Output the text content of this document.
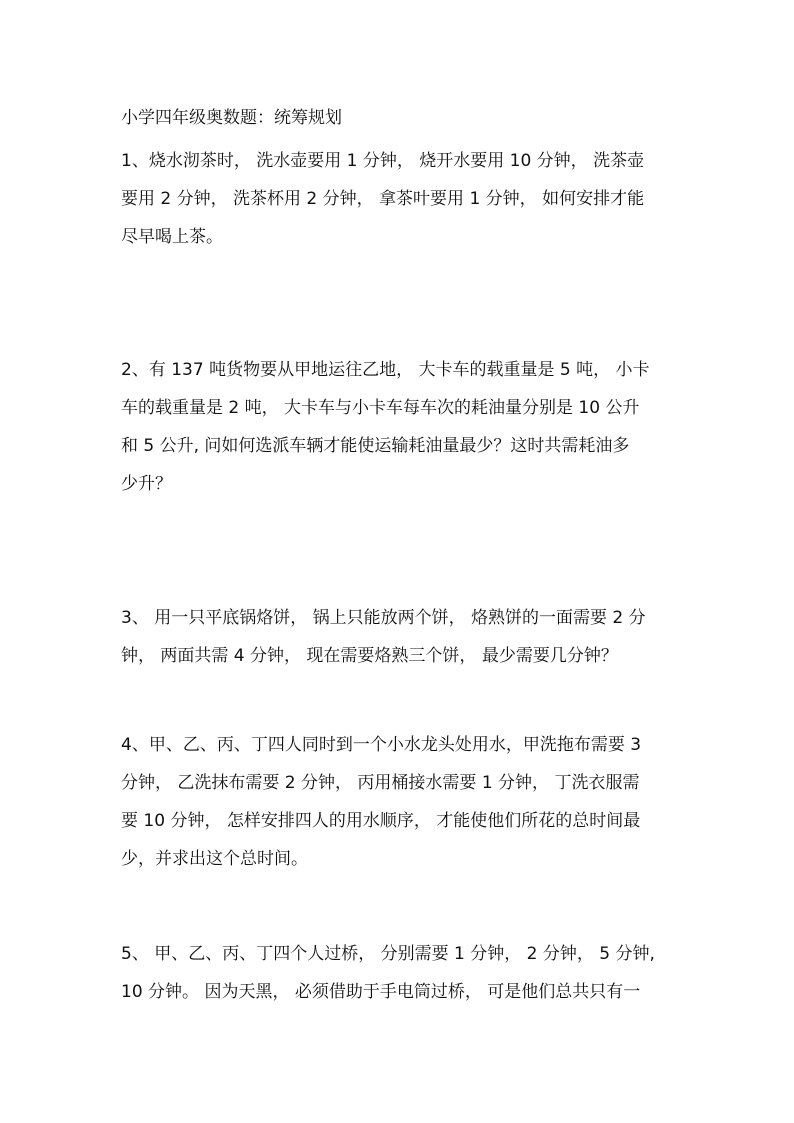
小学四年级奥数题：统筹规划
1、烧水沏茶时， 洗水壶要用 1 分钟， 烧开水要用 10 分钟， 洗茶壶
要用 2 分钟， 洗茶杯用 2 分钟， 拿茶叶要用 1 分钟， 如何安排才能
尽早喝上茶。
2、有 137 吨货物要从甲地运往乙地， 大卡车的载重量是 5 吨， 小卡
车的载重量是 2 吨， 大卡车与小卡车每车次的耗油量分别是 10 公升
和 5 公升, 问如何选派车辆才能使运输耗油量最少？这时共需耗油多
少升？
3、 用一只平底锅烙饼， 锅上只能放两个饼， 烙熟饼的一面需要 2 分
钟， 两面共需 4 分钟， 现在需要烙熟三个饼， 最少需要几分钟？
4、甲、乙、丙、丁四人同时到一个小水龙头处用水，甲洗拖布需要 3
分钟， 乙洗抹布需要 2 分钟， 丙用桶接水需要 1 分钟， 丁洗衣服需
要 10 分钟， 怎样安排四人的用水顺序， 才能使他们所花的总时间最
少，并求出这个总时间。
5、 甲、乙、丙、丁四个人过桥， 分别需要 1 分钟， 2 分钟， 5 分钟,
10 分钟。 因为天黑， 必须借助于手电筒过桥， 可是他们总共只有一
